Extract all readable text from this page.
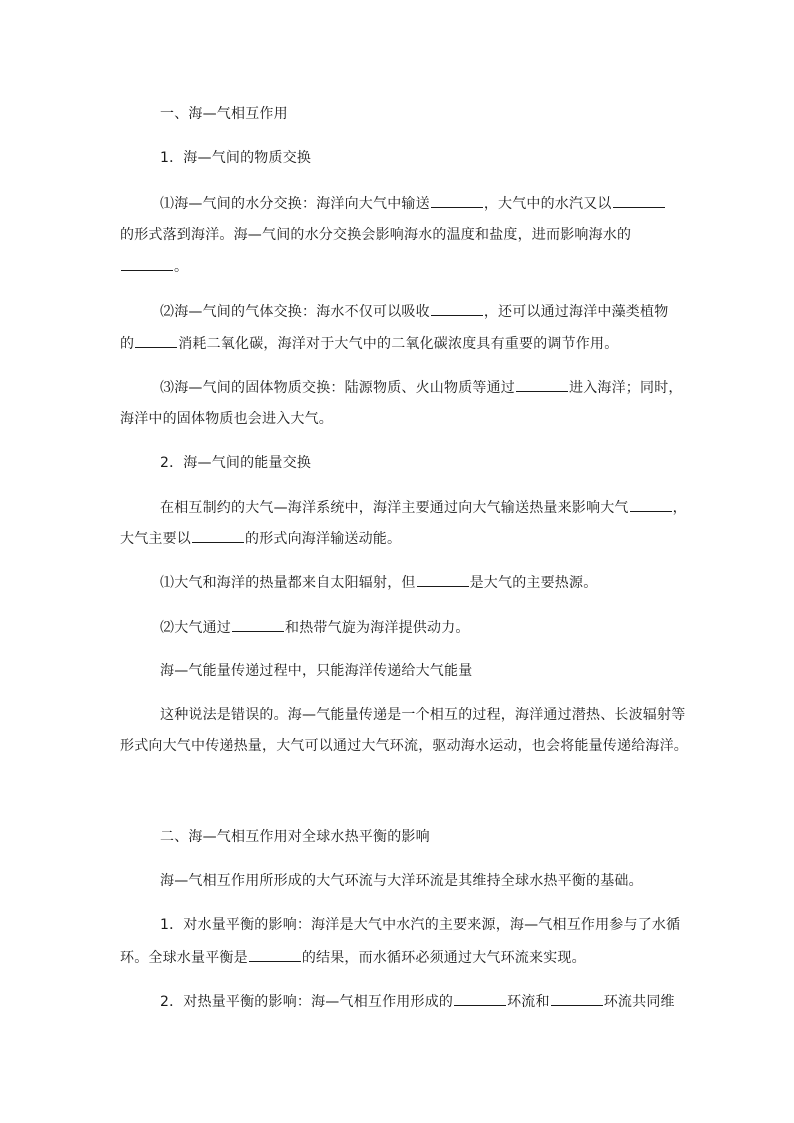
一、海—气相互作用
1．海—气间的物质交换
⑴海—气间的水分交换：海洋向大气中输送	，大气中的水汽又以
的形式落到海洋。海—气间的水分交换会影响海水的温度和盐度，进而影响海水的
。
⑵海—气间的气体交换：海水不仅可以吸收	，还可以通过海洋中藻类植物
的	消耗二氧化碳，海洋对于大气中的二氧化碳浓度具有重要的调节作用。
⑶海—气间的固体物质交换：陆源物质、火山物质等通过	进入海洋；同时，
海洋中的固体物质也会进入大气。
2．海—气间的能量交换
在相互制约的大气—海洋系统中，海洋主要通过向大气输送热量来影响大气	，
大气主要以	的形式向海洋输送动能。
⑴大气和海洋的热量都来自太阳辐射，但	是大气的主要热源。
⑵大气通过	和热带气旋为海洋提供动力。
海—气能量传递过程中，只能海洋传递给大气能量
这种说法是错误的。海—气能量传递是一个相互的过程，海洋通过潜热、长波辐射等
形式向大气中传递热量，大气可以通过大气环流，驱动海水运动，也会将能量传递给海洋。
二、海—气相互作用对全球水热平衡的影响
海—气相互作用所形成的大气环流与大洋环流是其维持全球水热平衡的基础。
1．对水量平衡的影响：海洋是大气中水汽的主要来源，海—气相互作用参与了水循
环。全球水量平衡是	的结果，而水循环必须通过大气环流来实现。
2．对热量平衡的影响：海—气相互作用形成的	环流和	环流共同维
